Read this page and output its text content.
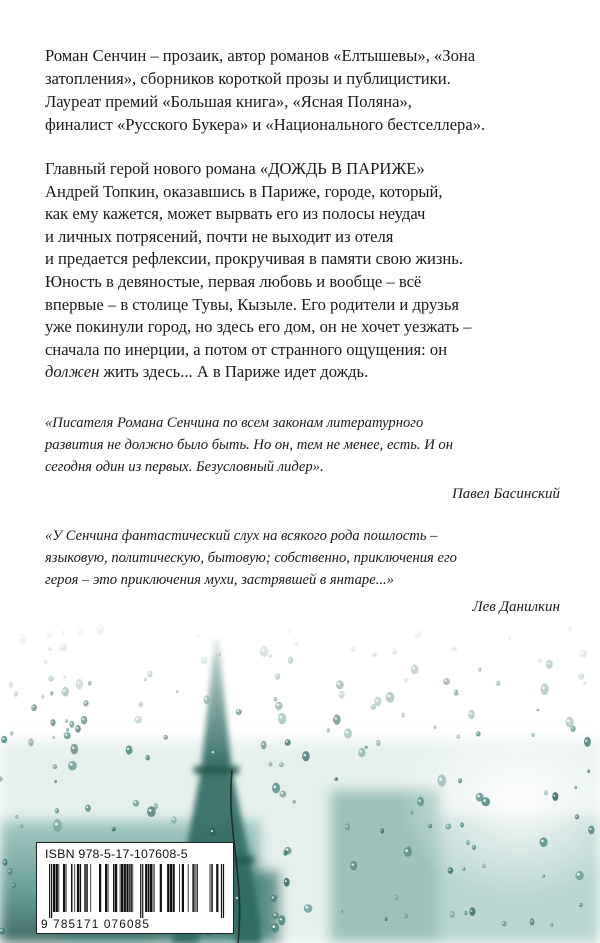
Роман Сенчин – прозаик, автор романов «Елтышевы», «Зона
затопления», сборников короткой прозы и публицистики.
Лауреат премий «Большая книга», «Ясная Поляна»,
финалист «Русского Букера» и «Национального бестселлера».

Главный герой нового романа «ДОЖДЬ В ПАРИЖЕ»
Андрей Топкин, оказавшись в Париже, городе, который,
как ему кажется, может вырвать его из полосы неудач
и личных потрясений, почти не выходит из отеля
и предается рефлексии, прокручивая в памяти свою жизнь.
Юность в девяностые, первая любовь и вообще – всё
впервые – в столице Тувы, Кызыле. Его родители и друзья
уже покинули город, но здесь его дом, он не хочет уезжать –
сначала по инерции, а потом от странного ощущения: он
должен жить здесь... А в Париже идет дождь.

«Писателя Романа Сенчина по всем законам литературного
развития не должно было быть. Но он, тем не менее, есть. И он
сегодня один из первых. Безусловный лидер».

Павел Басинский

«У Сенчина фантастический слух на всякого рода пошлость –
языковую, политическую, бытовую; собственно, приключения его
героя – это приключения мухи, застрявшей в янтаре...»

Лев Данилкин

ISBN 978-5-17-107608-5
9 785171 076085
